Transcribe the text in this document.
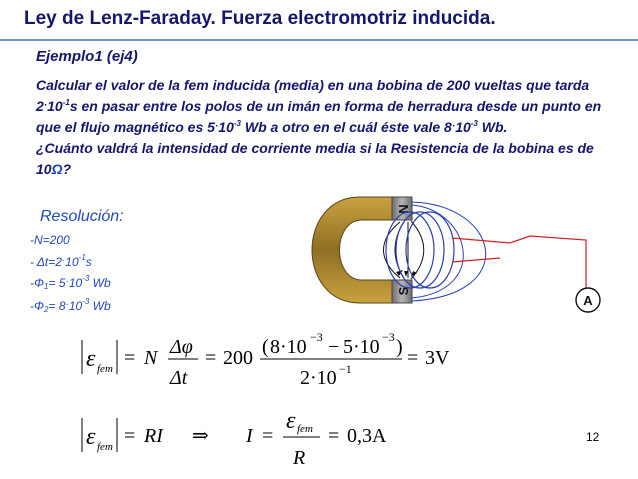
Ley de Lenz-Faraday. Fuerza electromotriz inducida.
Ejemplo1 (ej4)

Calcular el valor de la fem inducida (media) en una bobina de 200 vueltas que tarda $2^\cdot 10^{-1}s$ en pasar entre los polos de un imán en forma de herradura desde un punto en que el flujo magnético es $5^\cdot 10^{-3}$ Wb a otro en el cuál éste vale $8^\cdot 10^{-3}$ Wb.

¿Cuánto valdrá la intensidad de corriente media si la Resistencia de la bobina es de 10Ω?

Resolución:
-N=200
- $\Delta t=2^\cdot 10^{-1}s$
$-\Phi_1= 5^\cdot 10^{-3}$ Wb
$-\Phi_2= 8^\cdot 10^{-3}$ Wb
N
S
A
ε fem = N Δφ
Δt
= 200 ( 8·10 −3 − 5·10 −3 )
2·10 −1	= 3V
ε fem = RI ⇒ I =
ε fem
R
= 0,3A	12
